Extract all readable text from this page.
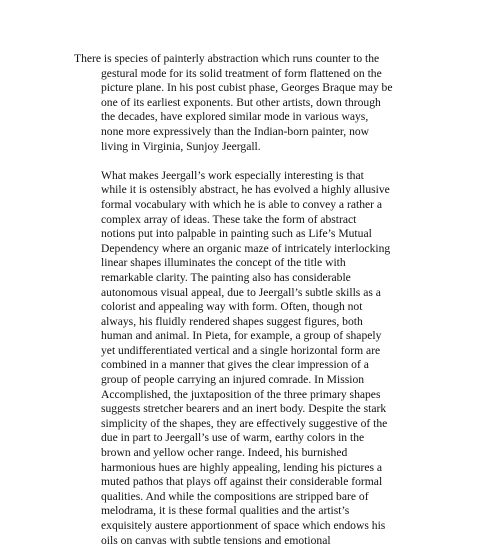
There is species of painterly abstraction which runs counter to the
gestural mode for its solid treatment of form flattened on the
picture plane. In his post cubist phase, Georges Braque may be
one of its earliest exponents. But other artists, down through
the decades, have explored similar mode in various ways,
none more expressively than the Indian-born painter, now
living in Virginia, Sunjoy Jeergall.
What makes Jeergall’s work especially interesting is that
while it is ostensibly abstract, he has evolved a highly allusive
formal vocabulary with which he is able to convey a rather a
complex array of ideas. These take the form of abstract
notions put into palpable in painting such as Life’s Mutual
Dependency where an organic maze of intricately interlocking
linear shapes illuminates the concept of the title with
remarkable clarity. The painting also has considerable
autonomous visual appeal, due to Jeergall’s subtle skills as a
colorist and appealing way with form. Often, though not
always, his fluidly rendered shapes suggest figures, both
human and animal. In Pieta, for example, a group of shapely
yet undifferentiated vertical and a single horizontal form are
combined in a manner that gives the clear impression of a
group of people carrying an injured comrade. In Mission
Accomplished, the juxtaposition of the three primary shapes
suggests stretcher bearers and an inert body. Despite the stark
simplicity of the shapes, they are effectively suggestive of the
due in part to Jeergall’s use of warm, earthy colors in the
brown and yellow ocher range. Indeed, his burnished
harmonious hues are highly appealing, lending his pictures a
muted pathos that plays off against their considerable formal
qualities. And while the compositions are stripped bare of
melodrama, it is these formal qualities and the artist’s
exquisitely austere apportionment of space which endows his
oils on canvas with subtle tensions and emotional
